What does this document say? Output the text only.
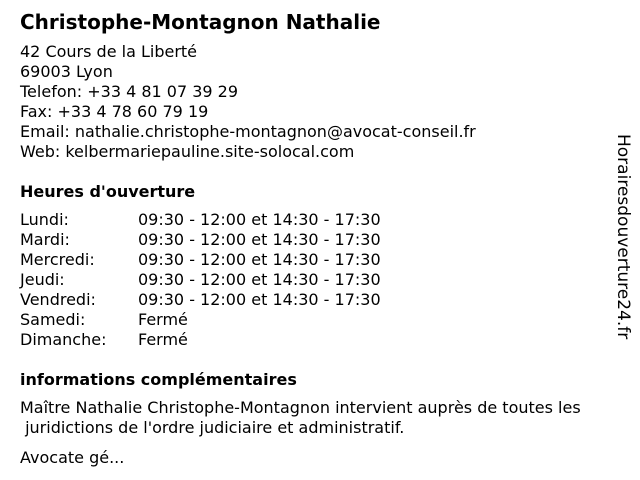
Christophe-Montagnon Nathalie
42 Cours de la Liberté
69003 Lyon
Telefon: +33 4 81 07 39 29
Fax: +33 4 78 60 79 19
Email: nathalie.christophe-montagnon@avocat-conseil.fr
Web: kelbermariepauline.site-solocal.com
Heures d'ouverture
Lundi:	09:30 - 12:00 et 14:30 - 17:30
Mardi:	09:30 - 12:00 et 14:30 - 17:30
Mercredi:	09:30 - 12:00 et 14:30 - 17:30
Jeudi:	09:30 - 12:00 et 14:30 - 17:30
Vendredi:	09:30 - 12:00 et 14:30 - 17:30
Samedi:	Fermé
Dimanche:	Fermé
informations complémentaires
Maître Nathalie Christophe-Montagnon intervient auprès de toutes les
juridictions de l'ordre judiciaire et administratif.
Avocate gé...
Horairesdouverture24.fr
